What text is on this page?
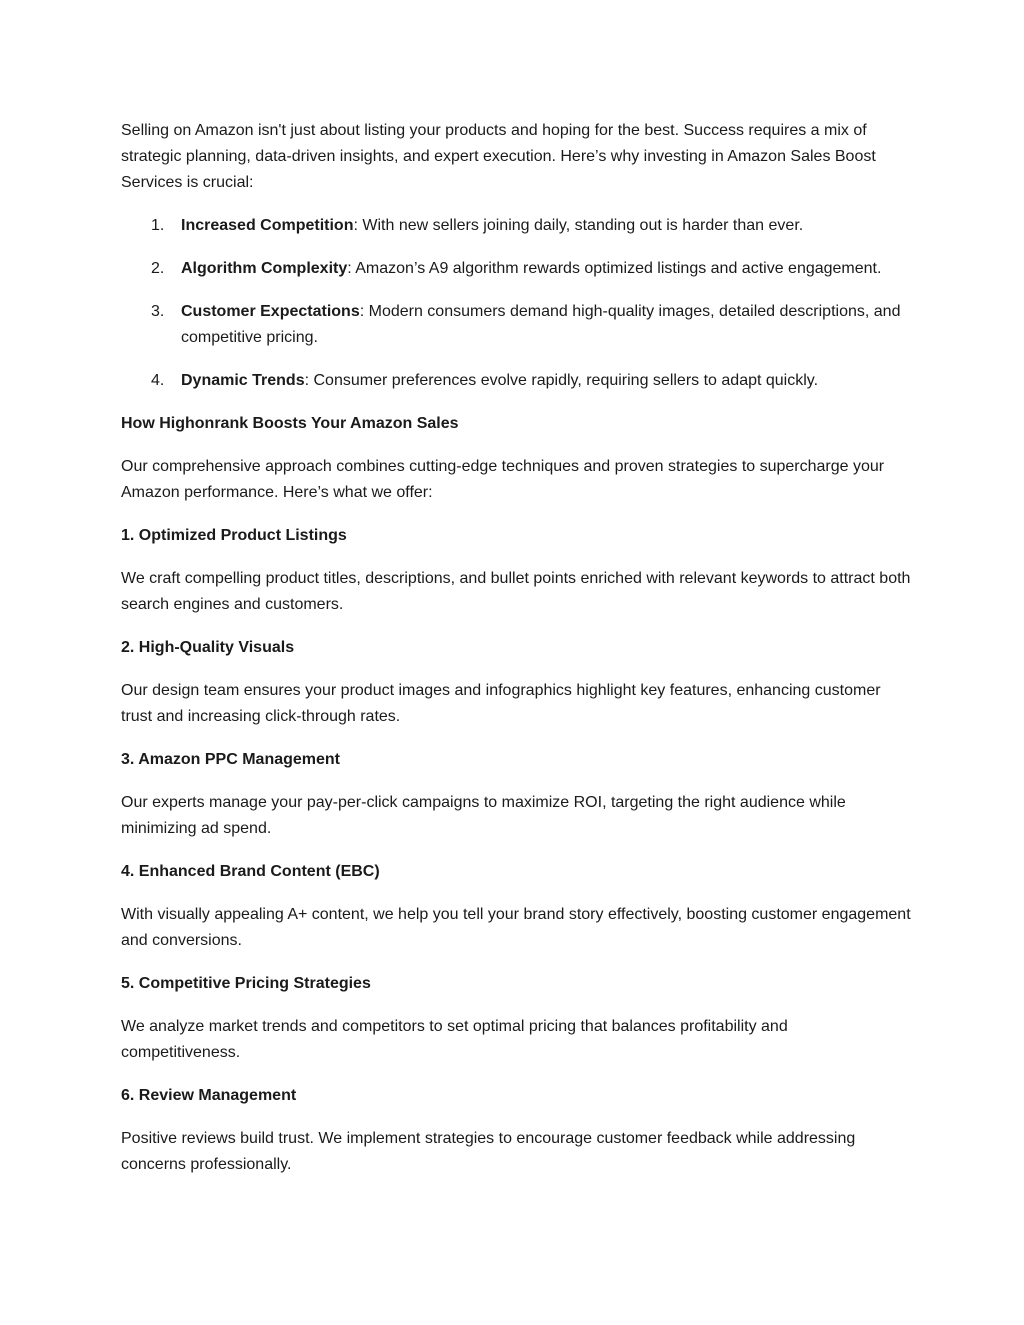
Selling on Amazon isn't just about listing your products and hoping for the best. Success requires a mix of strategic planning, data-driven insights, and expert execution. Here’s why investing in Amazon Sales Boost Services is crucial:

1. Increased Competition: With new sellers joining daily, standing out is harder than ever.
2. Algorithm Complexity: Amazon’s A9 algorithm rewards optimized listings and active engagement.
3. Customer Expectations: Modern consumers demand high-quality images, detailed descriptions, and competitive pricing.
4. Dynamic Trends: Consumer preferences evolve rapidly, requiring sellers to adapt quickly.

How Highonrank Boosts Your Amazon Sales

Our comprehensive approach combines cutting-edge techniques and proven strategies to supercharge your Amazon performance. Here’s what we offer:

1. Optimized Product Listings

We craft compelling product titles, descriptions, and bullet points enriched with relevant keywords to attract both search engines and customers.

2. High-Quality Visuals

Our design team ensures your product images and infographics highlight key features, enhancing customer trust and increasing click-through rates.

3. Amazon PPC Management

Our experts manage your pay-per-click campaigns to maximize ROI, targeting the right audience while minimizing ad spend.

4. Enhanced Brand Content (EBC)

With visually appealing A+ content, we help you tell your brand story effectively, boosting customer engagement and conversions.

5. Competitive Pricing Strategies

We analyze market trends and competitors to set optimal pricing that balances profitability and competitiveness.

6. Review Management

Positive reviews build trust. We implement strategies to encourage customer feedback while addressing concerns professionally.
